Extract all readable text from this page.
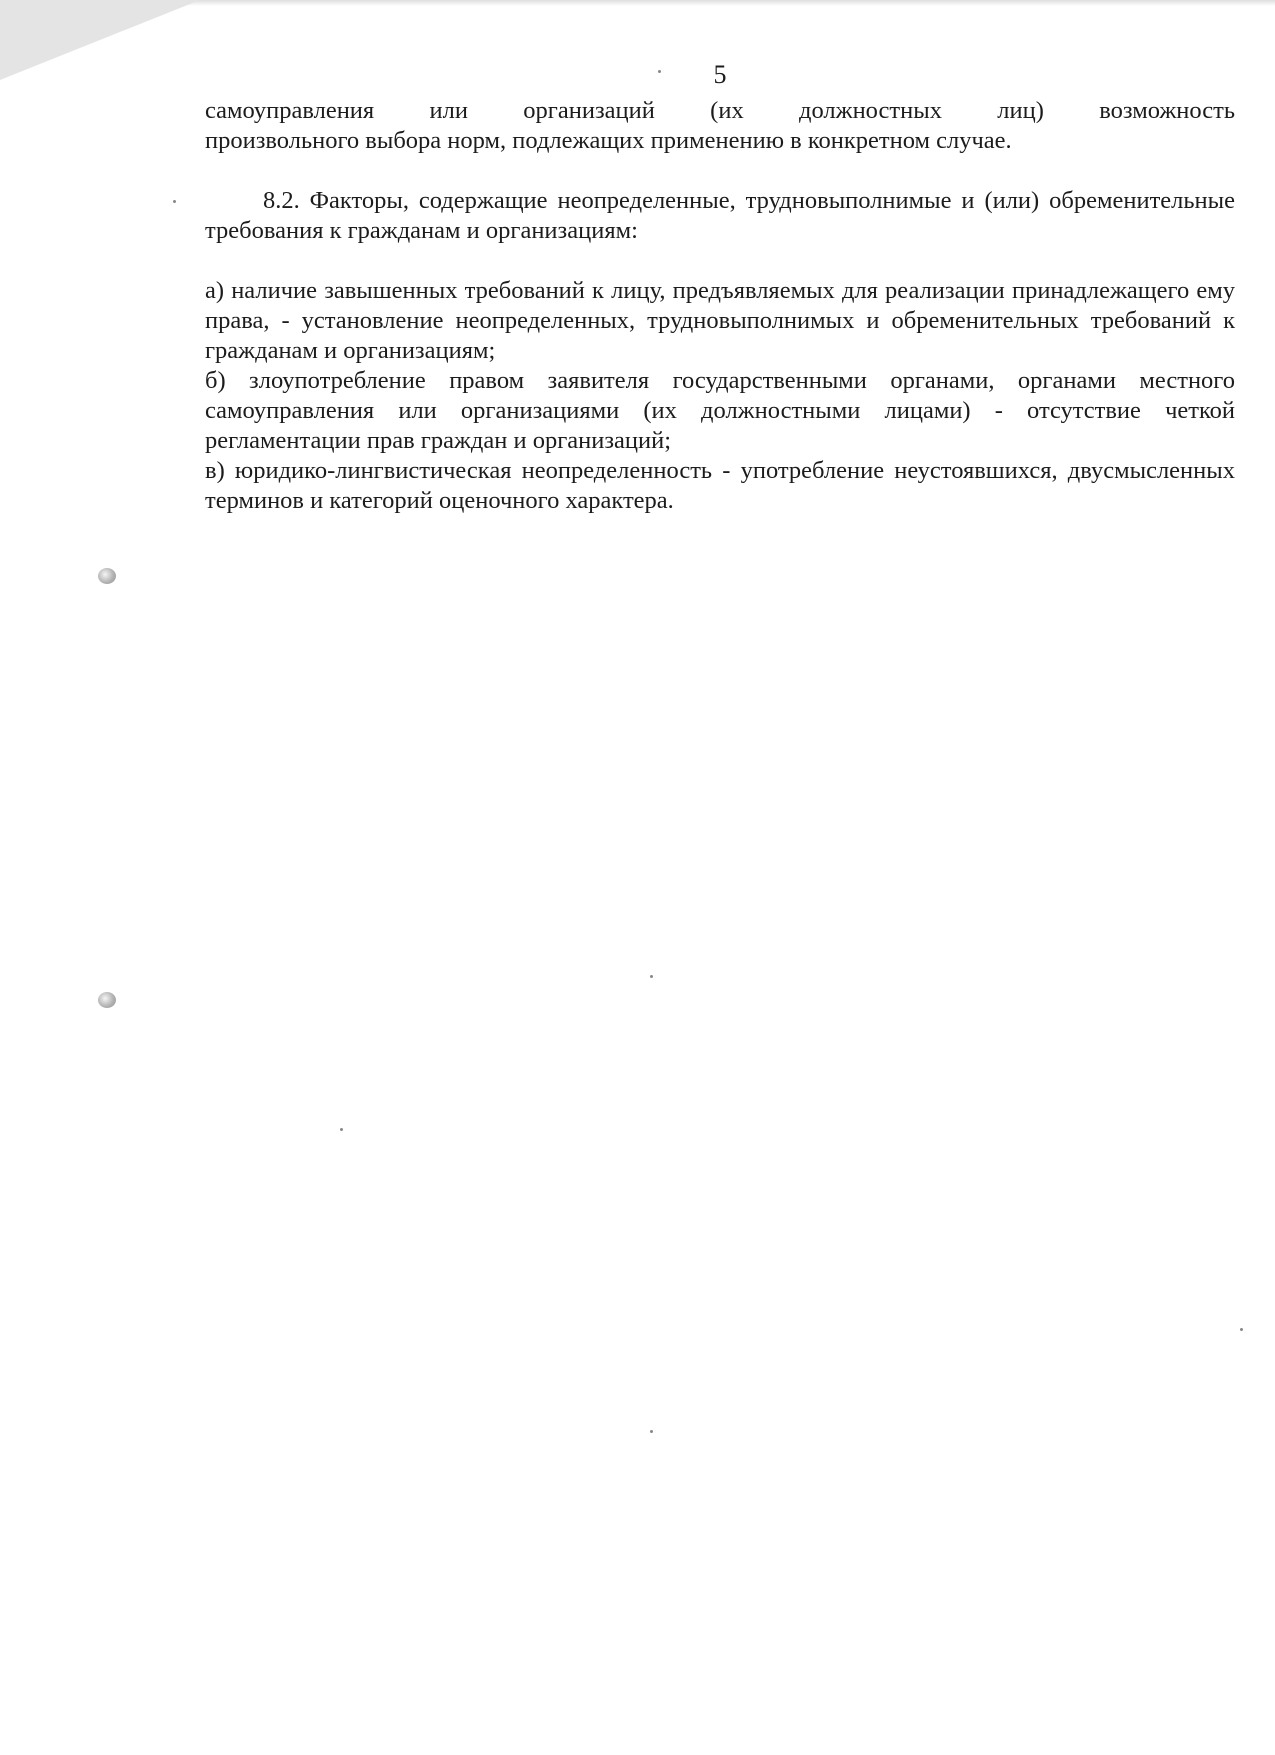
5

самоуправления или организаций (их должностных лиц) возможность

произвольного выбора норм, подлежащих применению в конкретном случае.

8.2. Факторы, содержащие неопределенные, трудновыполнимые и (или) обременительные требования к гражданам и организациям:

а) наличие завышенных требований к лицу, предъявляемых для реализации принадлежащего ему права, - установление неопределенных, трудновыполнимых и обременительных требований к гражданам и организациям;

б) злоупотребление правом заявителя государственными органами, органами местного самоуправления или организациями (их должностными лицами) - отсутствие четкой регламентации прав граждан и организаций;

в) юридико-лингвистическая неопределенность - употребление неустоявшихся, двусмысленных терминов и категорий оценочного характера.
